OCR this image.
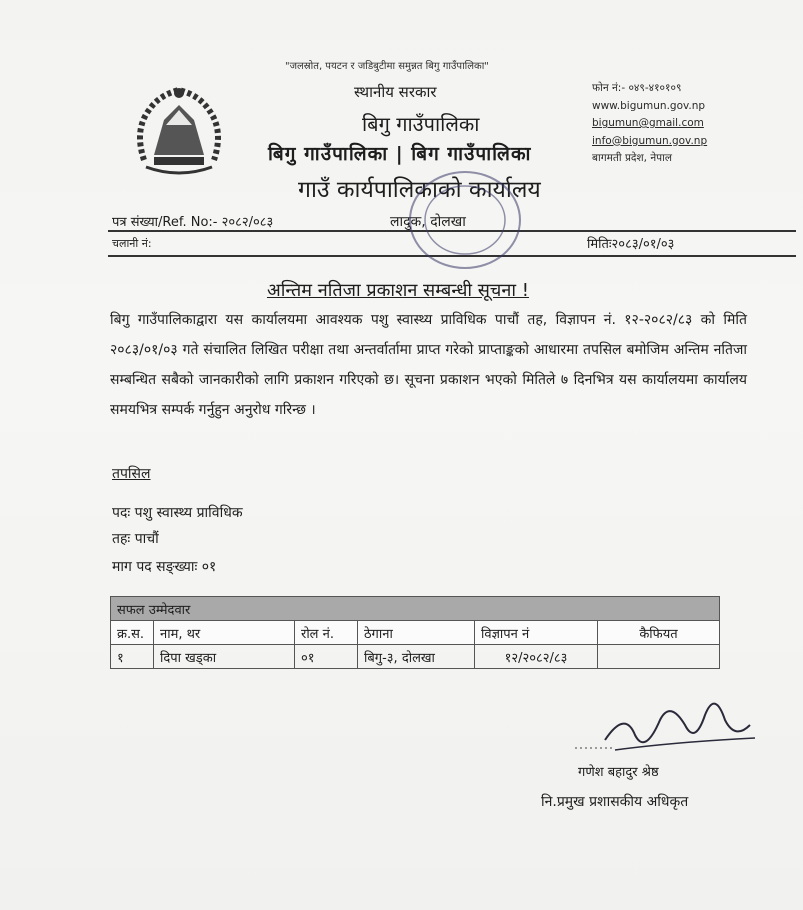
"जलस्रोत, पयटन र जडिबुटीमा समुन्नत बिगु गाउँपालिका"
स्थानीय सरकार
बिगु गाउँपालिका
बिगु गाउँपालिका | बिग गाउँपालिका
गाउँ कार्यपालिकाको कार्यालय
फोन नं:- ०४९-४१०१०९
www.bigumun.gov.np
bigumun@gmail.com
info@bigumun.gov.np
बागमती प्रदेश, नेपाल
पत्र संख्या/Ref. No:- २०८२/०८३	लादुक, दोलखा
चलानी नं:	मितिः२०८३/०१/०३
अन्तिम नतिजा प्रकाशन सम्बन्धी सूचना !
बिगु गाउँपालिकाद्वारा यस कार्यालयमा आवश्यक पशु स्वास्थ्य प्राविधिक पाचौं तह, विज्ञापन नं. १२-२०८२/८३ को मिति २०८३/०१/०३ गते संचालित लिखित परीक्षा तथा अन्तर्वार्तामा प्राप्त गरेको प्राप्ताङ्कको आधारमा तपसिल बमोजिम अन्तिम नतिजा सम्बन्धित सबैको जानकारीको लागि प्रकाशन गरिएको छ। सूचना प्रकाशन भएको मितिले ७ दिनभित्र यस कार्यालयमा कार्यालय समयभित्र सम्पर्क गर्नुहुन अनुरोध गरिन्छ ।
तपसिल
पदः पशु स्वास्थ्य प्राविधिक
तहः पाचौं
माग पद सङ्ख्याः ०१
सफल उम्मेदवार					
क्र.स.	नाम, थर	रोल नं.	ठेगाना	विज्ञापन नं	कैफियत
१	दिपा खड्का	०१	बिगु-३, दोलखा	१२/२०८२/८३	
गणेश बहादुर श्रेष्ठ
नि.प्रमुख प्रशासकीय अधिकृत
